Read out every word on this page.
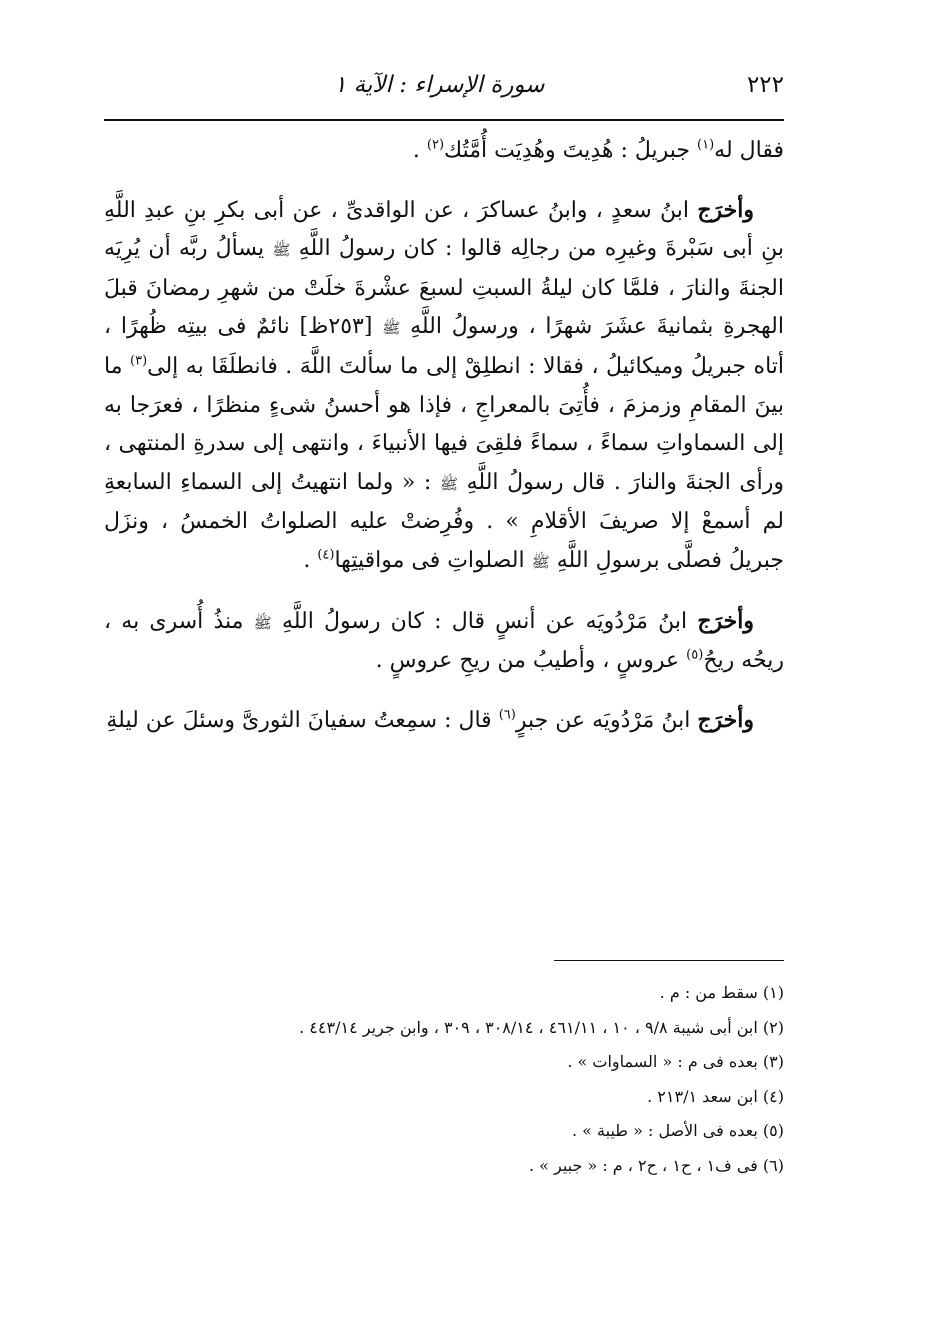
٢٢٢
سورة الإسراء : الآية ١

فقال له$^{(١)}$ جبريلُ : هُدِيتَ وهُدِيَت أُمَّتُك$^{(٢)}$ .

وأخرَج ابنُ سعدٍ ، وابنُ عساكرَ ، عن الواقدىِّ ، عن أبى بكرِ بنِ عبدِ اللَّهِ بنِ أبى سَبْرةَ وغيرِه من رجالِه قالوا : كان رسولُ اللَّهِ ﷺ يسألُ ربَّه أن يُرِيَه الجنةَ والنارَ ، فلمَّا كان ليلةُ السبتِ لسبعَ عشْرةَ خلَتْ من شهرِ رمضانَ قبلَ الهجرةِ بثمانيةَ عشَرَ شهرًا ، ورسولُ اللَّهِ ﷺ [٢٥٣ظ] نائمٌ فى بيتِه ظُهرًا ، أتاه جبريلُ وميكائيلُ ، فقالا : انطلِقْ إلى ما سألتَ اللَّهَ . فانطلَقَا به إلى$^{(٣)}$ ما بينَ المقامِ وزمزمَ ، فأُتِىَ بالمعراجِ ، فإذا هو أحسنُ شىءٍ منظرًا ، فعرَجا به إلى السماواتِ سماءً ، سماءً فلقِىَ فيها الأنبياءَ ، وانتهى إلى سدرةِ المنتهى ، ورأى الجنةَ والنارَ . قال رسولُ اللَّهِ ﷺ : « ولما انتهيتُ إلى السماءِ السابعةِ لم أسمعْ إلا صريفَ الأقلامِ » . وفُرِضتْ عليه الصلواتُ الخمسُ ، ونزَل جبريلُ فصلَّى برسولِ اللَّهِ ﷺ الصلواتِ فى مواقيتِها$^{(٤)}$ .

وأخرَج ابنُ مَرْدُويَه عن أنسٍ قال : كان رسولُ اللَّهِ ﷺ منذُ أُسرى به ، ريحُه ريحُ$^{(٥)}$ عروسٍ ، وأطيبُ من ريحِ عروسٍ .

وأخرَج ابنُ مَرْدُويَه عن جبرٍ$^{(٦)}$ قال : سمِعتُ سفيانَ الثورىَّ وسئلَ عن ليلةِ

(١) سقط من : م .
(٢) ابن أبى شيبة ٩/٨ ، ١٠ ، ٤٦١/١١ ، ٣٠٨/١٤ ، ٣٠٩ ، وابن جرير ٤٤٣/١٤ .
(٣) بعده فى م : « السماوات » .
(٤) ابن سعد ٢١٣/١ .
(٥) بعده فى الأصل : « طيبة » .
(٦) فى ف١ ، ح١ ، ح٢ ، م : « جبير » .
